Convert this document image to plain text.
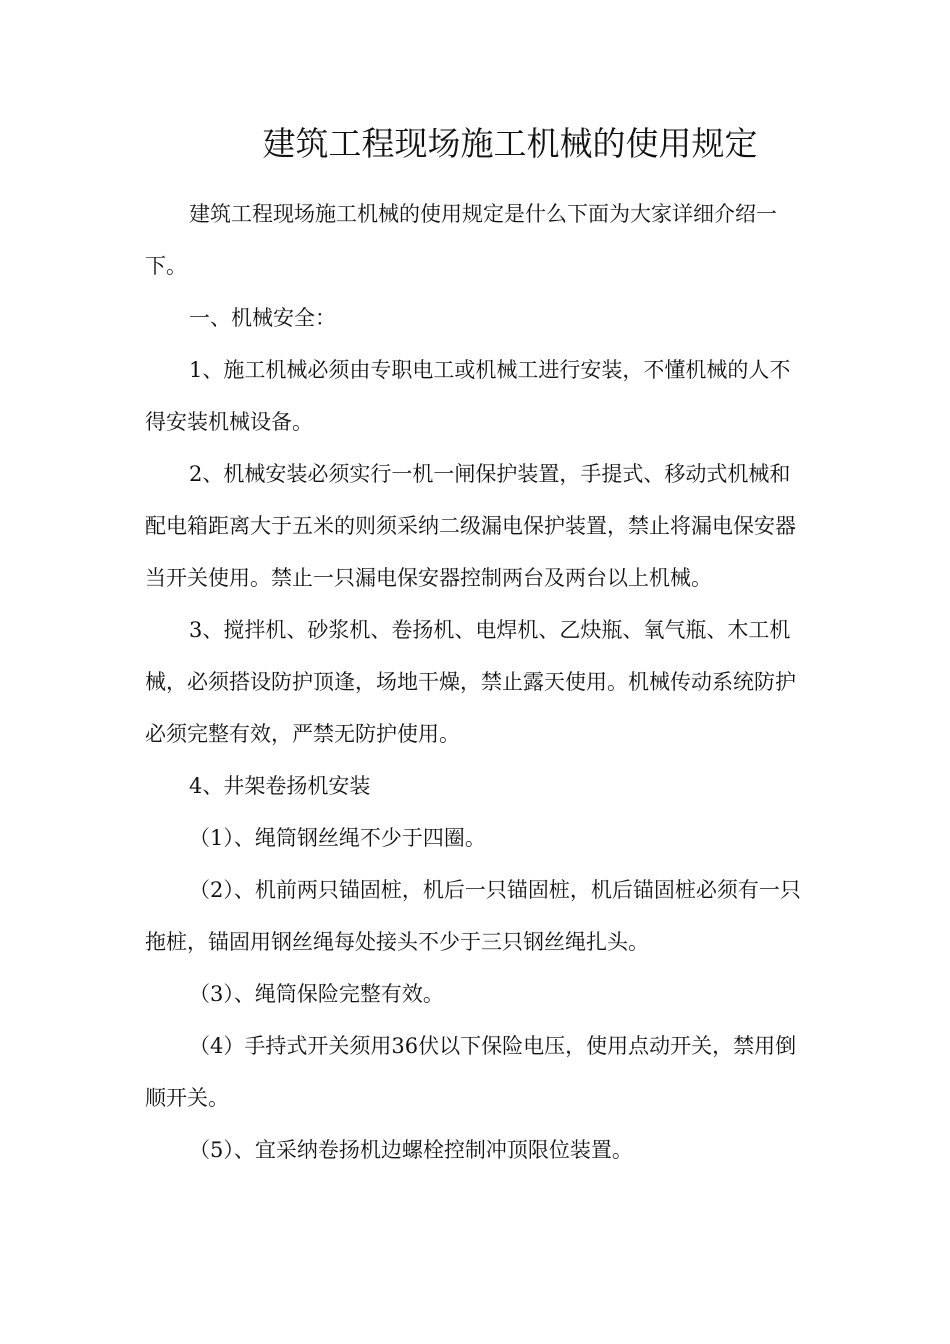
建筑工程现场施工机械的使用规定

建筑工程现场施工机械的使用规定是什么下面为大家详细介绍一下。

一、机械安全：

1、施工机械必须由专职电工或机械工进行安装，不懂机械的人不得安装机械设备。

2、机械安装必须实行一机一闸保护装置，手提式、移动式机械和配电箱距离大于五米的则须采纳二级漏电保护装置，禁止将漏电保安器当开关使用。禁止一只漏电保安器控制两台及两台以上机械。

3、搅拌机、砂浆机、卷扬机、电焊机、乙炔瓶、氧气瓶、木工机械，必须搭设防护顶逢，场地干燥，禁止露天使用。机械传动系统防护必须完整有效，严禁无防护使用。

4、井架卷扬机安装

（1）、绳筒钢丝绳不少于四圈。

（2）、机前两只锚固桩，机后一只锚固桩，机后锚固桩必须有一只拖桩，锚固用钢丝绳每处接头不少于三只钢丝绳扎头。

（3）、绳筒保险完整有效。

（4）手持式开关须用36伏以下保险电压，使用点动开关，禁用倒顺开关。

（5）、宜采纳卷扬机边螺栓控制冲顶限位装置。
